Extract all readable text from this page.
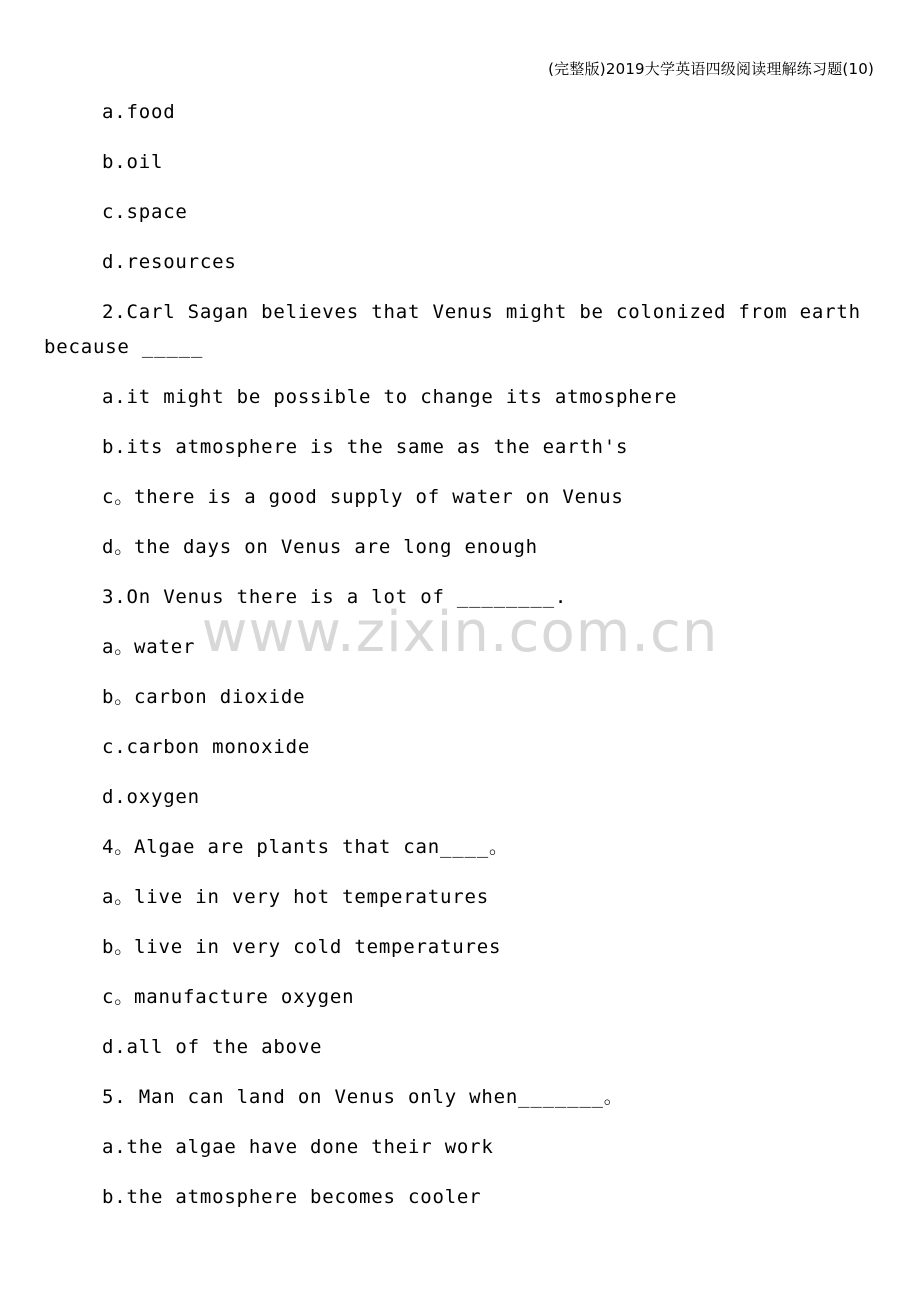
(完整版)2019大学英语四级阅读理解练习题(10)
www.zixin.com.cn
a.food
b.oil
c.space
d.resources
2.Carl Sagan believes that Venus might be colonized from earth
because _____
a.it might be possible to change its atmosphere
b.its atmosphere is the same as the earth's
c。there is a good supply of water on Venus
d。the days on Venus are long enough
3.On Venus there is a lot of ________.
a。water
b。carbon dioxide
c.carbon monoxide
d.oxygen
4。Algae are plants that can____。
a。live in very hot temperatures
b。live in very cold temperatures
c。manufacture oxygen
d.all of the above
5. Man can land on Venus only when_______。
a.the algae have done their work
b.the atmosphere becomes cooler
